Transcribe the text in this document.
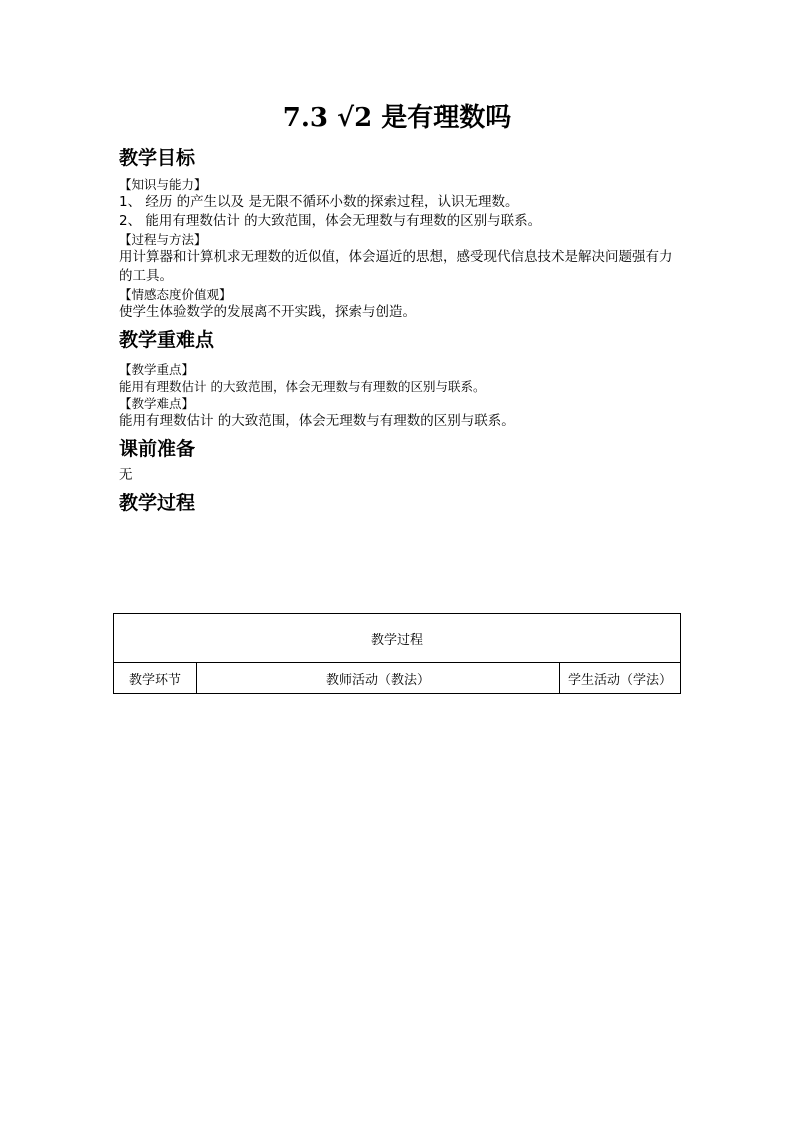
7.3 √2 是有理数吗
教学目标

【知识与能力】

1、 经历 的产生以及 是无限不循环小数的探索过程，认识无理数。

2、 能用有理数估计 的大致范围，体会无理数与有理数的区别与联系。

【过程与方法】

用计算器和计算机求无理数的近似值，体会逼近的思想，感受现代信息技术是解决问题强有力的工具。

【情感态度价值观】

使学生体验数学的发展离不开实践，探索与创造。

教学重难点

【教学重点】

能用有理数估计 的大致范围，体会无理数与有理数的区别与联系。

【教学难点】

能用有理数估计 的大致范围，体会无理数与有理数的区别与联系。

课前准备

无

教学过程
教学过程
教学环节	教师活动（教法）	学生活动（学法）
